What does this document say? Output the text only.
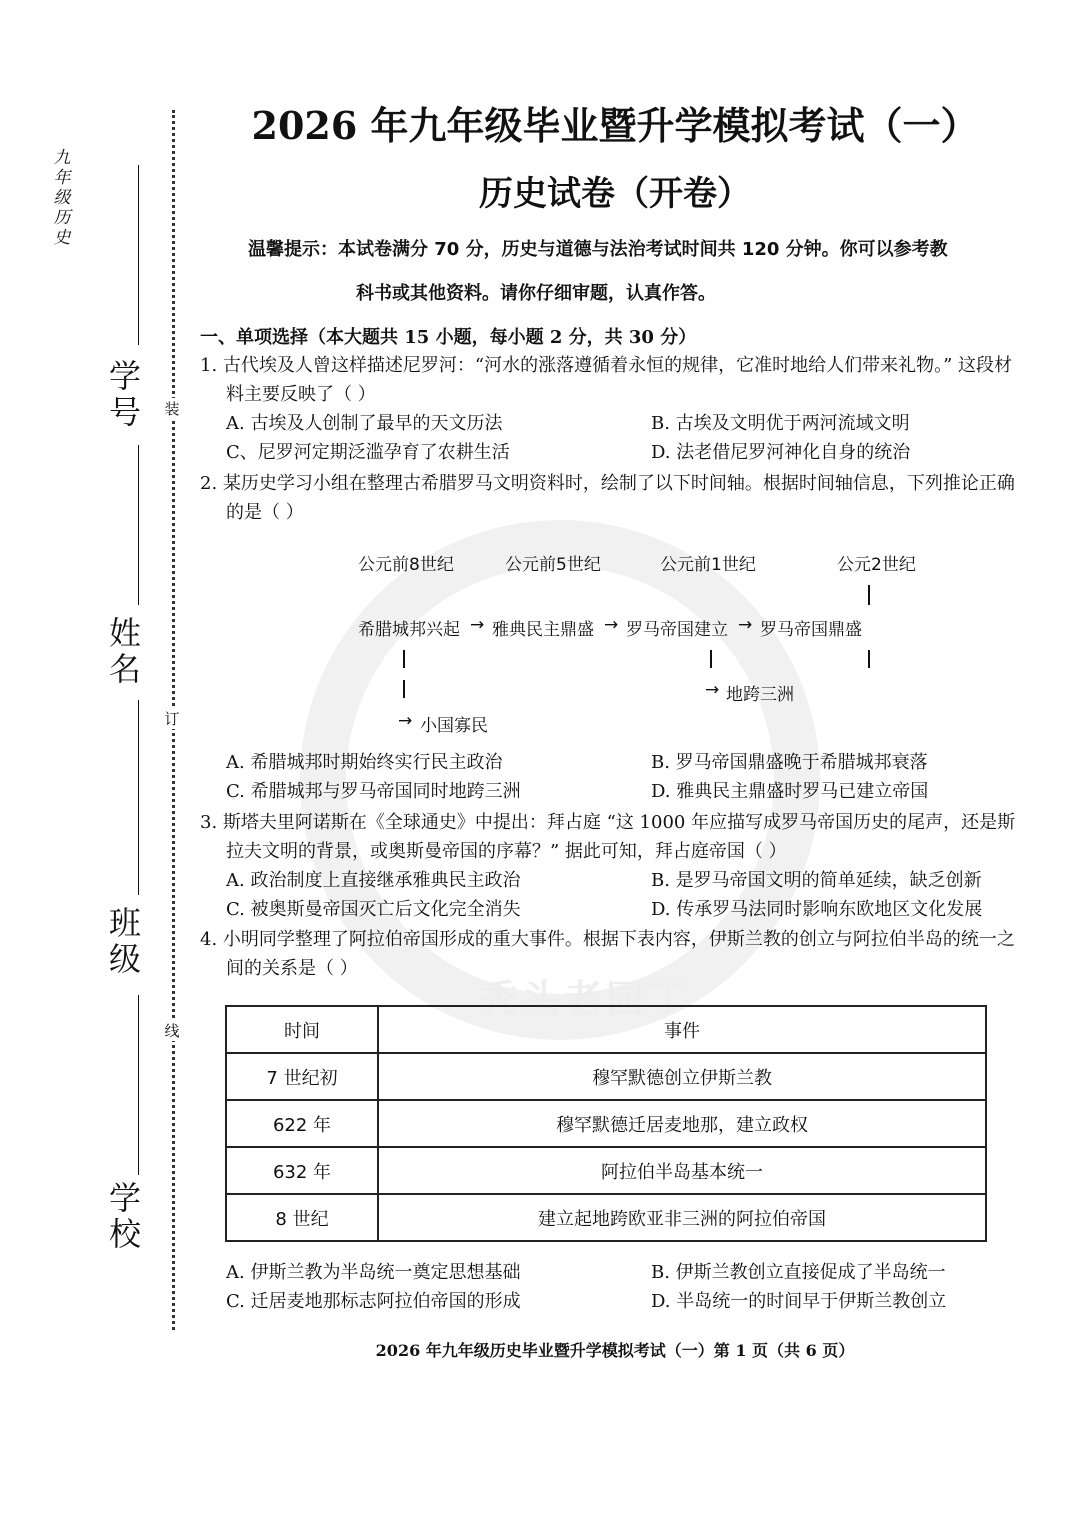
秃头老园丁
九年级历史
学号
姓名
班级
学校
装
订
线
2026 年九年级毕业暨升学模拟考试（一）
历史试卷（开卷）
温馨提示：本试卷满分 70 分，历史与道德与法治考试时间共 120 分钟。你可以参考教
科书或其他资料。请你仔细审题，认真作答。
一、单项选择（本大题共 15 小题，每小题 2 分，共 30 分）
1. 古代埃及人曾这样描述尼罗河：“河水的涨落遵循着永恒的规律，它准时地给人们带来礼物。” 这段材料主要反映了（ ）
A. 古埃及人创制了最早的天文历法	B. 古埃及文明优于两河流域文明
C、尼罗河定期泛滥孕育了农耕生活	D. 法老借尼罗河神化自身的统治
2. 某历史学习小组在整理古希腊罗马文明资料时，绘制了以下时间轴。根据时间轴信息，下列推论正确的是（ ）
公元前8世纪	公元前5世纪	公元前1世纪	公元2世纪
希腊城邦兴起 → 雅典民主鼎盛 → 罗马帝国建立 → 罗马帝国鼎盛
→ 地跨三洲
→ 小国寡民
A. 希腊城邦时期始终实行民主政治	B. 罗马帝国鼎盛晚于希腊城邦衰落
C. 希腊城邦与罗马帝国同时地跨三洲	D. 雅典民主鼎盛时罗马已建立帝国
3. 斯塔夫里阿诺斯在《全球通史》中提出：拜占庭 “这 1000 年应描写成罗马帝国历史的尾声，还是斯拉夫文明的背景，或奥斯曼帝国的序幕？” 据此可知，拜占庭帝国（ ）
A. 政治制度上直接继承雅典民主政治	B. 是罗马帝国文明的简单延续，缺乏创新
C. 被奥斯曼帝国灭亡后文化完全消失	D. 传承罗马法同时影响东欧地区文化发展
4. 小明同学整理了阿拉伯帝国形成的重大事件。根据下表内容，伊斯兰教的创立与阿拉伯半岛的统一之间的关系是（ ）
时间	事件
7 世纪初	穆罕默德创立伊斯兰教
622 年	穆罕默德迁居麦地那，建立政权
632 年	阿拉伯半岛基本统一
8 世纪	建立起地跨欧亚非三洲的阿拉伯帝国
A. 伊斯兰教为半岛统一奠定思想基础	B. 伊斯兰教创立直接促成了半岛统一
C. 迁居麦地那标志阿拉伯帝国的形成	D. 半岛统一的时间早于伊斯兰教创立
2026 年九年级历史毕业暨升学模拟考试（一）第 1 页（共 6 页）
